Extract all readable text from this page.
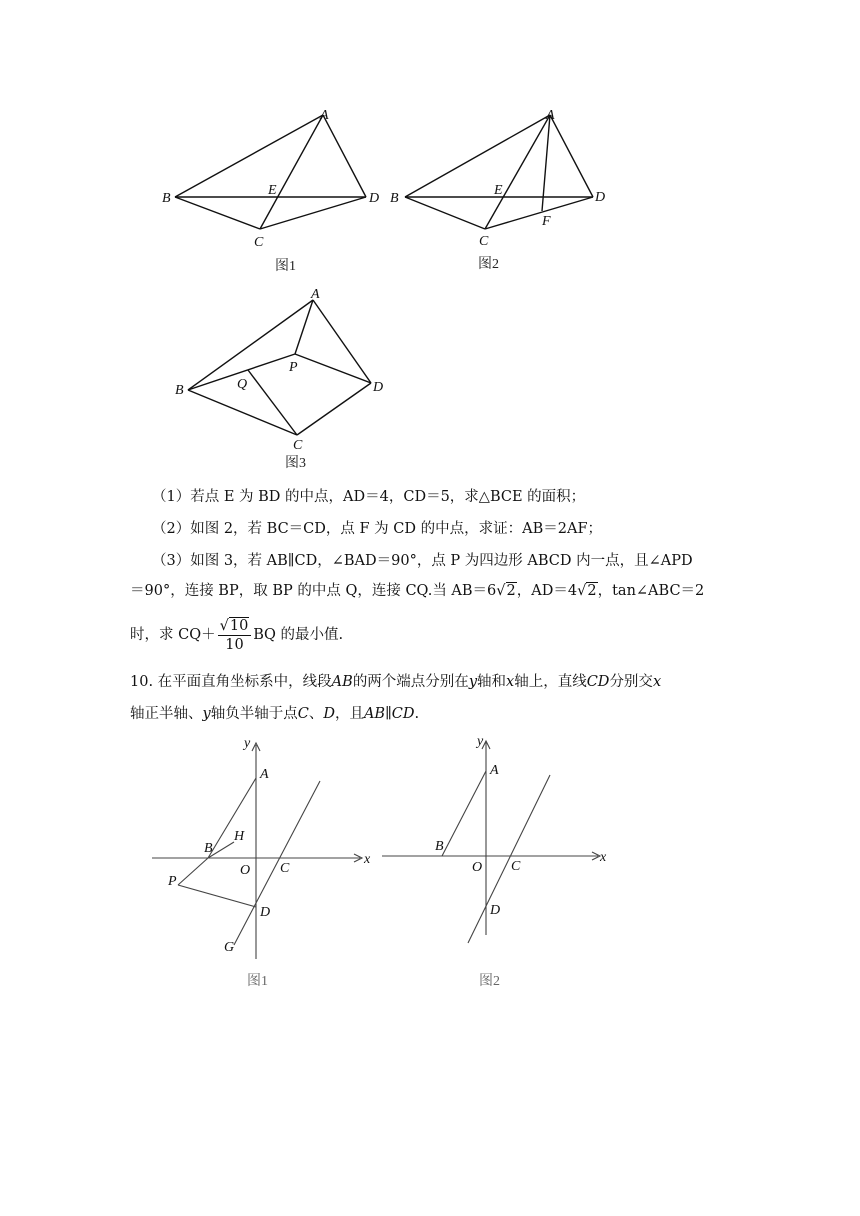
A
B	D
E
C
图1
A
B	D
E
F
C
图2
A
B	D
P
Q
C
图3
（1）若点 E 为 BD 的中点，AD＝4，CD＝5，求△BCE 的面积；
（2）如图 2，若 BC＝CD，点 F 为 CD 的中点，求证：AB＝2AF；
（3）如图 3，若 AB∥CD，∠BAD＝90°，点 P 为四边形 ABCD 内一点，且∠APD
＝90°，连接 BP，取 BP 的中点 Q，连接 CQ.当 AB＝6√2，AD＝4√2，tan∠ABC＝2
时，求 $CQ+ \frac{√10}{10}$ BQ 的最小值.
10. 在平面直角坐标系中，线段AB的两个端点分别在y轴和x轴上，直线CD分别交x
轴正半轴、y轴负半轴于点C、D，且AB∥CD.
y
x
A
H
B
O C
P
D
G
图1
y
x
A
B
O C
D
图2
